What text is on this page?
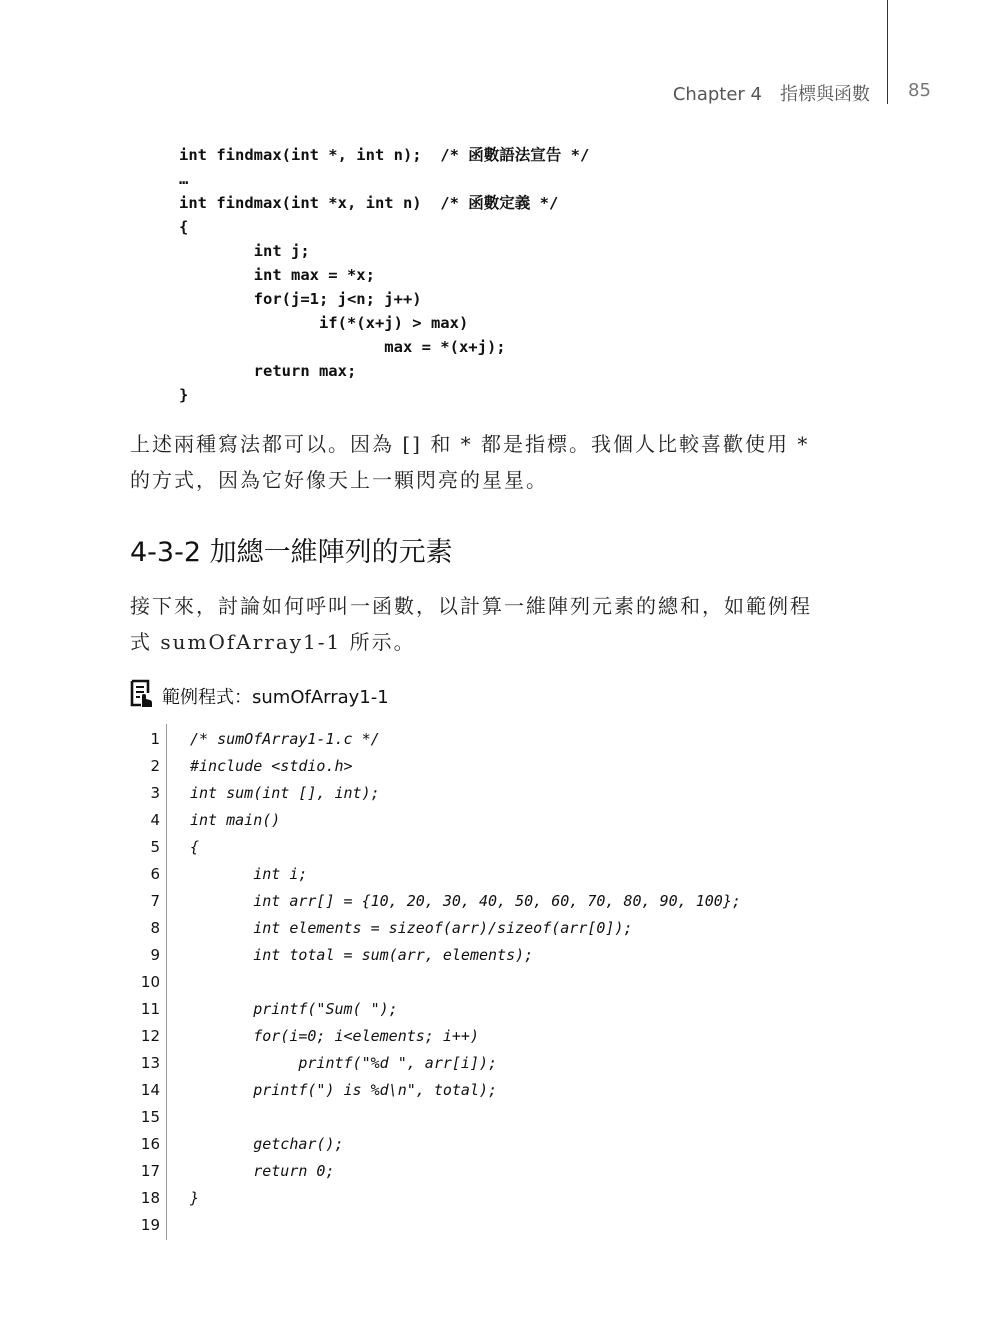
Chapter 4　指標與函數 85
int findmax(int *, int n);  /* 函數語法宣告 */
…
int findmax(int *x, int n)  /* 函數定義 */
{
int j;
int max = *x;
for(j=1; j<n; j++)
if(*(x+j) > max)
max = *(x+j);
return max;
}
上述兩種寫法都可以。因為 [] 和 * 都是指標。我個人比較喜歡使用 *
的方式，因為它好像天上一顆閃亮的星星。
4-3-2 加總一維陣列的元素
接下來，討論如何呼叫一函數，以計算一維陣列元素的總和，如範例程
式 sumOfArray1-1 所示。
範例程式：sumOfArray1-1
1 /* sumOfArray1-1.c */
2 #include <stdio.h>
3 int sum(int [], int);
4 int main()
5 {
6 int i;
7 int arr[] = {10, 20, 30, 40, 50, 60, 70, 80, 90, 100};
8 int elements = sizeof(arr)/sizeof(arr[0]);
9 int total = sum(arr, elements);
10
11 printf("Sum( ");
12 for(i=0; i<elements; i++)
13 printf("%d ", arr[i]);
14 printf(") is %d\n", total);
15
16 getchar();
17 return 0;
18 }
19
